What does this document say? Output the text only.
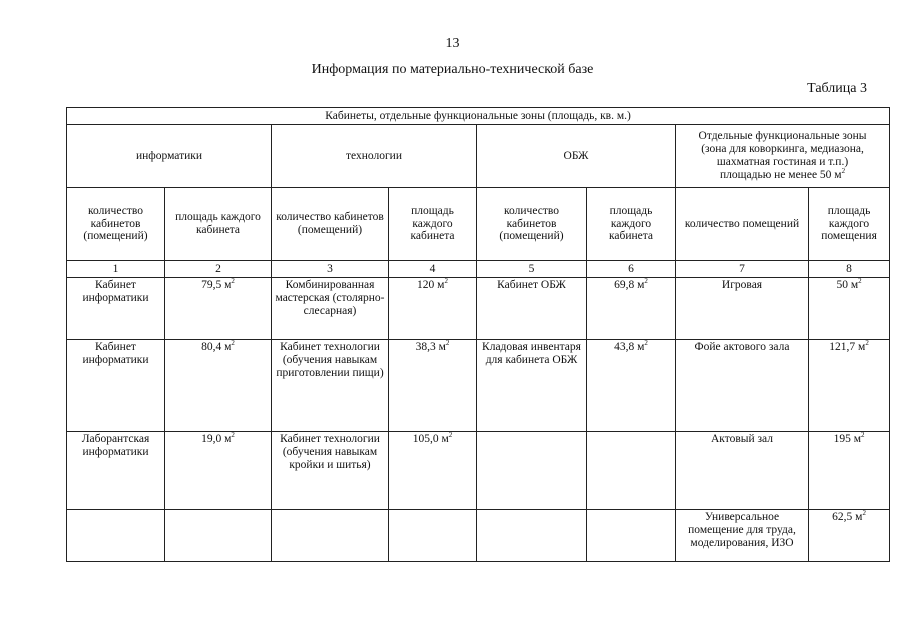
13
Информация по материально-технической базе
Таблица 3
Кабинеты, отдельные функциональные зоны (площадь, кв. м.)							
информатики		технологии		ОБЖ		Отдельные функциональные зоны
(зона для коворкинга, медиазона,
шахматная гостиная и т.п.)
площадью не менее 50 $м^2$
количество кабинетов (помещений)	площадь каждого кабинета	количество кабинетов (помещений)	площадь каждого кабинета	количество кабинетов (помещений)	площадь каждого кабинета	количество помещений	площадь каждого помещения
1	2	3	4	5	6	7	8
Кабинет информатики	79,5 $м^2$	Комбинированная мастерская (столярно-слесарная)	120 $м^2$	Кабинет ОБЖ	69,8 $м^2$	Игровая	50 $м^2$
Кабинет информатики	80,4 $м^2$	Кабинет технологии (обучения навыкам приготовлении пищи)	38,3 $м^2$	Кладовая инвентаря для кабинета ОБЖ	43,8 $м^2$	Фойе актового зала	121,7 $м^2$
Лаборантская информатики	19,0 $м^2$	Кабинет технологии (обучения навыкам кройки и шитья)	105,0 $м^2$			Актовый зал	195 $м^2$
						Универсальное помещение для труда, моделирования, ИЗО	62,5 $м^2$
